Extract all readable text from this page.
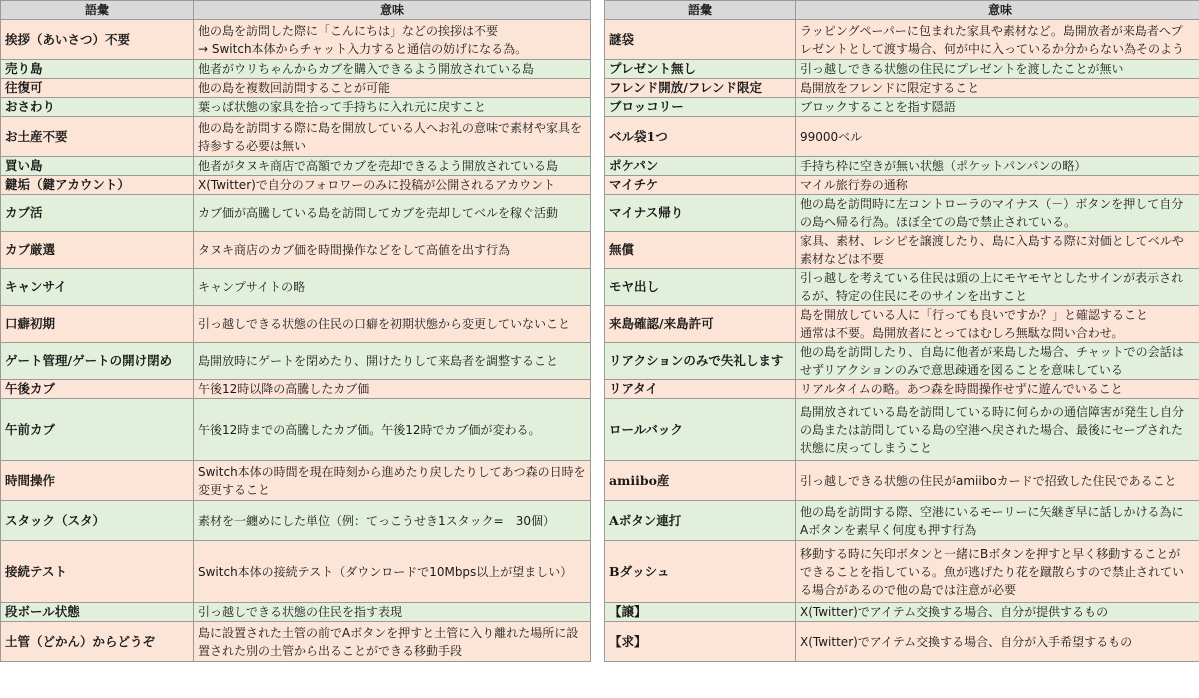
語彙	意味
挨拶（あいさつ）不要	他の島を訪問した際に「こんにちは」などの挨拶は不要
→ Switch本体からチャット入力すると通信の妨げになる為。

売り島	他者がウリちゃんからカブを購入できるよう開放されている島

往復可	他の島を複数回訪問することが可能

おさわり	葉っぱ状態の家具を拾って手持ちに入れ元に戻すこと

お土産不要	他の島を訪問する際に島を開放している人へお礼の意味で素材や家具を
持参する必要は無い

買い島	他者がタヌキ商店で高額でカブを売却できるよう開放されている島

鍵垢（鍵アカウント）	X(Twitter)で自分のフォロワーのみに投稿が公開されるアカウント

カブ活	カブ価が高騰している島を訪問してカブを売却してベルを稼ぐ活動

カブ厳選	タヌキ商店のカブ価を時間操作などをして高値を出す行為

キャンサイ	キャンプサイトの略

口癖初期	引っ越しできる状態の住民の口癖を初期状態から変更していないこと

ゲート管理/ゲートの開け閉め	島開放時にゲートを閉めたり、開けたりして来島者を調整すること

午後カブ	午後12時以降の高騰したカブ価

午前カブ	午後12時までの高騰したカブ価。午後12時でカブ価が変わる。

時間操作	Switch本体の時間を現在時刻から進めたり戻したりしてあつ森の日時を
変更すること

スタック（スタ）	素材を一纏めにした単位（例：てっこうせき1スタック=　30個）

接続テスト	Switch本体の接続テスト（ダウンロードで10Mbps以上が望ましい）

段ボール状態	引っ越しできる状態の住民を指す表現

土管（どかん）からどうぞ	島に設置された土管の前でAボタンを押すと土管に入り離れた場所に設
置された別の土管から出ることができる移動手段
語彙	意味
謎袋	ラッピングペーパーに包まれた家具や素材など。島開放者が来島者へプ
レゼントとして渡す場合、何が中に入っているか分からない為そのよう

プレゼント無し	引っ越しできる状態の住民にプレゼントを渡したことが無い

フレンド開放/フレンド限定	島開放をフレンドに限定すること

ブロッコリー	ブロックすることを指す隠語

ベル袋1つ	99000ベル

ポケパン	手持ち枠に空きが無い状態（ポケットパンパンの略）

マイチケ	マイル旅行券の通称

マイナス帰り	他の島を訪問時に左コントローラのマイナス（－）ボタンを押して自分
の島へ帰る行為。ほぼ全ての島で禁止されている。

無償	家具、素材、レシピを譲渡したり、島に入島する際に対価としてベルや
素材などは不要

モヤ出し	引っ越しを考えている住民は頭の上にモヤモヤとしたサインが表示され
るが、特定の住民にそのサインを出すこと

来島確認/来島許可	島を開放している人に「行っても良いですか？」と確認すること
通常は不要。島開放者にとってはむしろ無駄な問い合わせ。

リアクションのみで失礼します	他の島を訪問したり、自島に他者が来島した場合、チャットでの会話は
せずリアクションのみで意思疎通を図ることを意味している

リアタイ	リアルタイムの略。あつ森を時間操作せずに遊んでいること

ロールバック	島開放されている島を訪問している時に何らかの通信障害が発生し自分
の島または訪問している島の空港へ戻された場合、最後にセーブされた
状態に戻ってしまうこと

amiibo産	引っ越しできる状態の住民がamiiboカードで招致した住民であること

Aボタン連打	他の島を訪問する際、空港にいるモーリーに矢継ぎ早に話しかける為に
Aボタンを素早く何度も押す行為

Bダッシュ	移動する時に矢印ボタンと一緒にBボタンを押すと早く移動することが
できることを指している。魚が逃げたり花を蹴散らすので禁止されてい
る場合があるので他の島では注意が必要

【譲】	X(Twitter)でアイテム交換する場合、自分が提供するもの

【求】	X(Twitter)でアイテム交換する場合、自分が入手希望するもの
